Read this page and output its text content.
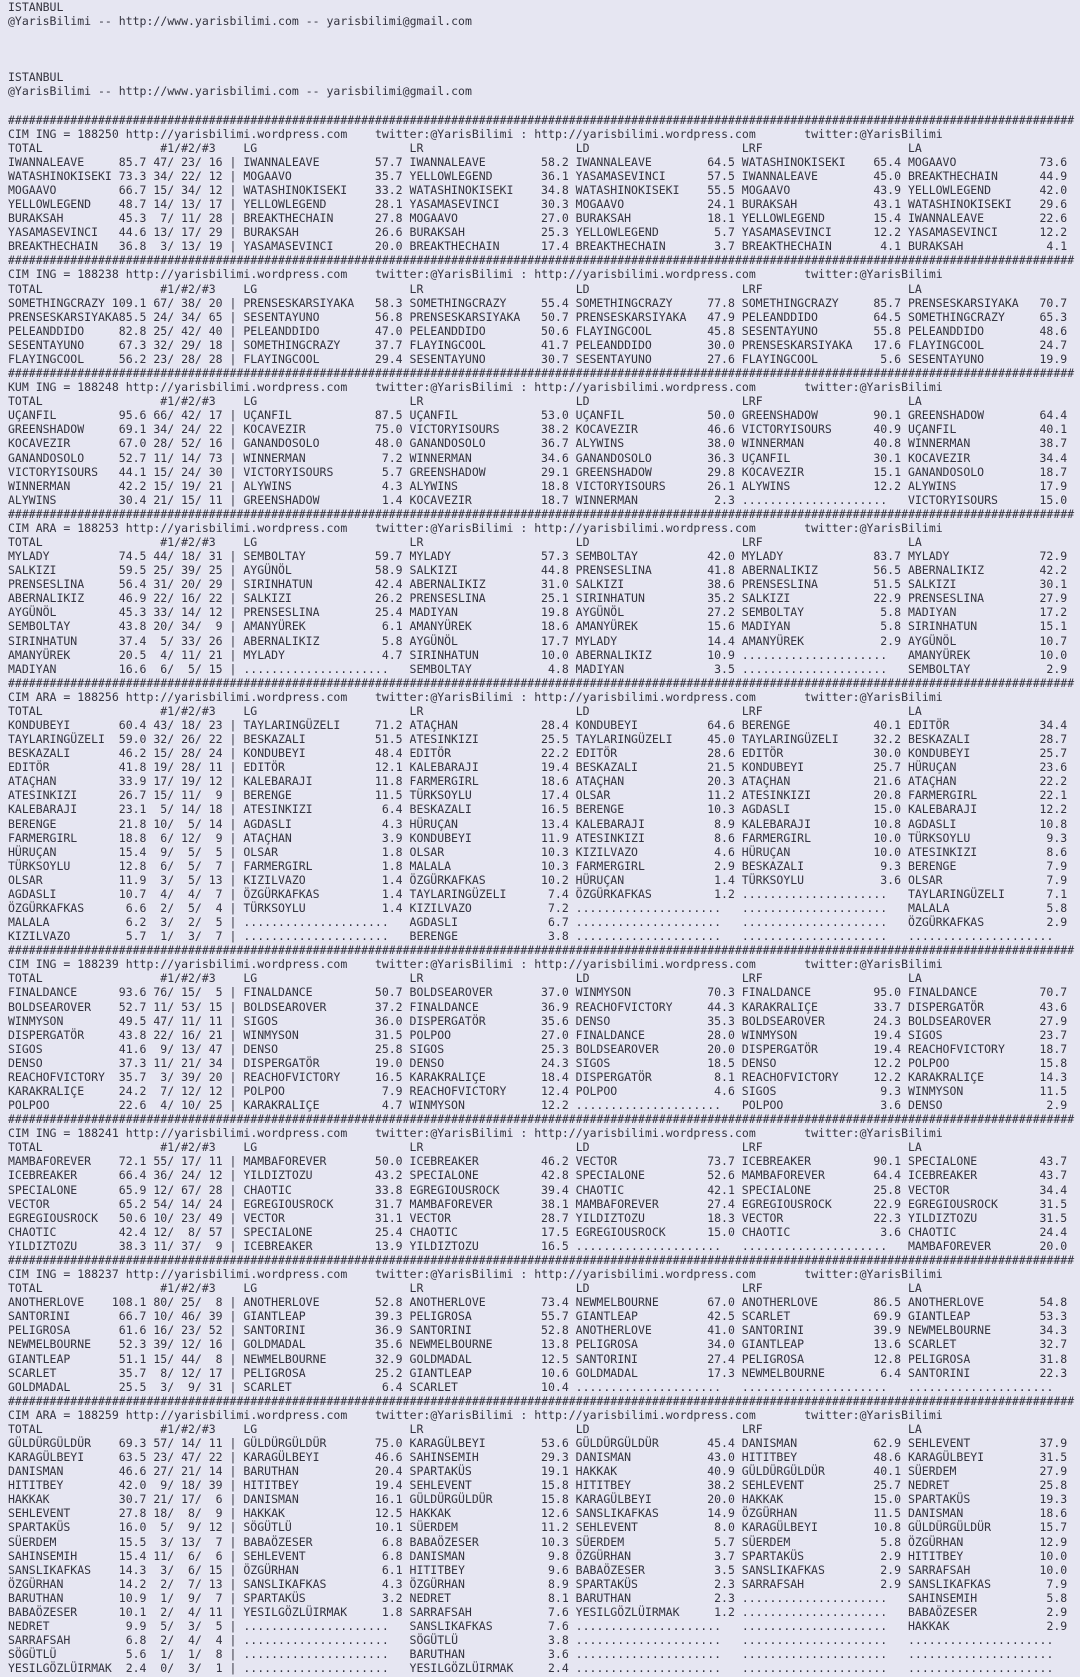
ISTANBUL
@YarisBilimi -- http://www.yarisbilimi.com -- yarisbilimi@gmail.com
ISTANBUL
@YarisBilimi -- http://www.yarisbilimi.com -- yarisbilimi@gmail.com
##########################################################################################################################################################
CIM ING = 188250 http://yarisbilimi.wordpress.com    twitter:@YarisBilimi : http://yarisbilimi.wordpress.com       twitter:@YarisBilimi
TOTAL	#1/#2/#3 LG	LR	LD	LRF	LA
IWANNALEAVE 85.7 47/ 23/ 16 | IWANNALEAVE	57.7 IWANNALEAVE	58.2 IWANNALEAVE	64.5 WATASHINOKISEKI 65.4 MOGAAVO	73.6
WATASHINOKISEKI 73.3 34/ 22/ 12 | MOGAAVO	35.7 YELLOWLEGEND	36.1 YASAMASEVINCI	57.5 IWANNALEAVE	45.0 BREAKTHECHAIN	44.9
MOGAAVO	66.7 15/ 34/ 12 | WATASHINOKISEKI 33.2 WATASHINOKISEKI 34.8 WATASHINOKISEKI 55.5 MOGAAVO	43.9 YELLOWLEGEND	42.0
YELLOWLEGEND 48.7 14/ 13/ 17 | YELLOWLEGEND	28.1 YASAMASEVINCI	30.3 MOGAAVO	24.1 BURAKSAH	43.1 WATASHINOKISEKI 29.6
BURAKSAH	45.3 7/ 11/ 28 | BREAKTHECHAIN	27.8 MOGAAVO	27.0 BURAKSAH	18.1 YELLOWLEGEND	15.4 IWANNALEAVE	22.6
YASAMASEVINCI 44.6 13/ 17/ 29 | BURAKSAH	26.6 BURAKSAH	25.3 YELLOWLEGEND	5.7 YASAMASEVINCI	12.2 YASAMASEVINCI	12.2
BREAKTHECHAIN 36.8 3/ 13/ 19 | YASAMASEVINCI	20.0 BREAKTHECHAIN	17.4 BREAKTHECHAIN	3.7 BREAKTHECHAIN	4.1 BURAKSAH	4.1
##########################################################################################################################################################
CIM ING = 188238 http://yarisbilimi.wordpress.com    twitter:@YarisBilimi : http://yarisbilimi.wordpress.com       twitter:@YarisBilimi
TOTAL	#1/#2/#3 LG	LR	LD	LRF	LA
SOMETHINGCRAZY 109.1 67/ 38/ 20 | PRENSESKARSIYAKA 58.3 SOMETHINGCRAZY 55.4 SOMETHINGCRAZY 77.8 SOMETHINGCRAZY 85.7 PRENSESKARSIYAKA 70.7
PRENSESKARSIYAKA 85.5 24/ 34/ 65 | SESENTAYUNO	56.8 PRENSESKARSIYAKA 50.7 PRENSESKARSIYAKA 47.9 PELEANDDIDO	64.5 SOMETHINGCRAZY 65.3
PELEANDDIDO 82.8 25/ 42/ 40 | PELEANDDIDO	47.0 PELEANDDIDO	50.6 FLAYINGCOOL	45.8 SESENTAYUNO	55.8 PELEANDDIDO	48.6
SESENTAYUNO 67.3 32/ 29/ 18 | SOMETHINGCRAZY 37.7 FLAYINGCOOL	41.7 PELEANDDIDO	30.0 PRENSESKARSIYAKA 17.6 FLAYINGCOOL	24.7
FLAYINGCOOL 56.2 23/ 28/ 28 | FLAYINGCOOL	29.4 SESENTAYUNO	30.7 SESENTAYUNO	27.6 FLAYINGCOOL	5.6 SESENTAYUNO	19.9
##########################################################################################################################################################
KUM ING = 188248 http://yarisbilimi.wordpress.com    twitter:@YarisBilimi : http://yarisbilimi.wordpress.com       twitter:@YarisBilimi
TOTAL	#1/#2/#3 LG	LR	LD	LRF	LA
UÇANFIL	95.6 66/ 42/ 17 | UÇANFIL	87.5 UÇANFIL	53.0 UÇANFIL	50.0 GREENSHADOW	90.1 GREENSHADOW	64.4
GREENSHADOW 69.1 34/ 24/ 22 | KOCAVEZIR	75.0 VICTORYISOURS	38.2 KOCAVEZIR	46.6 VICTORYISOURS	40.9 UÇANFIL	40.1
KOCAVEZIR	67.0 28/ 52/ 16 | GANANDOSOLO	48.0 GANANDOSOLO	36.7 ALYWINS	38.0 WINNERMAN	40.8 WINNERMAN	38.7
GANANDOSOLO 52.7 11/ 14/ 73 | WINNERMAN	7.2 WINNERMAN	34.6 GANANDOSOLO	36.3 UÇANFIL	30.1 KOCAVEZIR	34.4
VICTORYISOURS 44.1 15/ 24/ 30 | VICTORYISOURS	5.7 GREENSHADOW	29.1 GREENSHADOW	29.8 KOCAVEZIR	15.1 GANANDOSOLO	18.7
WINNERMAN	42.2 15/ 19/ 21 | ALYWINS	4.3 ALYWINS	18.8 VICTORYISOURS	26.1 ALYWINS	12.2 ALYWINS	17.9
ALYWINS	30.4 21/ 15/ 11 | GREENSHADOW	1.4 KOCAVEZIR	18.7 WINNERMAN	2.3 ..................... VICTORYISOURS	15.0
##########################################################################################################################################################
CIM ARA = 188253 http://yarisbilimi.wordpress.com    twitter:@YarisBilimi : http://yarisbilimi.wordpress.com       twitter:@YarisBilimi
TOTAL	#1/#2/#3 LG	LR	LD	LRF	LA
MYLADY	74.5 44/ 18/ 31 | SEMBOLTAY	59.7 MYLADY	57.3 SEMBOLTAY	42.0 MYLADY	83.7 MYLADY	72.9
SALKIZI	59.5 25/ 39/ 25 | AYGÜNÖL	58.9 SALKIZI	44.8 PRENSESLINA	41.8 ABERNALIKIZ	56.5 ABERNALIKIZ	42.2
PRENSESLINA 56.4 31/ 20/ 29 | SIRINHATUN	42.4 ABERNALIKIZ	31.0 SALKIZI	38.6 PRENSESLINA	51.5 SALKIZI	30.1
ABERNALIKIZ 46.9 22/ 16/ 22 | SALKIZI	26.2 PRENSESLINA	25.1 SIRINHATUN	35.2 SALKIZI	22.9 PRENSESLINA	27.9
AYGÜNÖL	45.3 33/ 14/ 12 | PRENSESLINA	25.4 MADIYAN	19.8 AYGÜNÖL	27.2 SEMBOLTAY	5.8 MADIYAN	17.2
SEMBOLTAY	43.8 20/ 34/  9 | AMANYÜREK	6.1 AMANYÜREK	18.6 AMANYÜREK	15.6 MADIYAN	5.8 SIRINHATUN	15.1
SIRINHATUN	37.4 5/ 33/ 26 | ABERNALIKIZ	5.8 AYGÜNÖL	17.7 MYLADY	14.4 AMANYÜREK	2.9 AYGÜNÖL	10.7
AMANYÜREK	20.5 4/ 11/ 21 | MYLADY	4.7 SIRINHATUN	10.0 ABERNALIKIZ	10.9 ..................... AMANYÜREK	10.0
MADIYAN	16.6 6/  5/ 15 | ..................... SEMBOLTAY	4.8 MADIYAN	3.5 ..................... SEMBOLTAY	2.9
##########################################################################################################################################################
CIM ARA = 188256 http://yarisbilimi.wordpress.com    twitter:@YarisBilimi : http://yarisbilimi.wordpress.com       twitter:@YarisBilimi
TOTAL	#1/#2/#3 LG	LR	LD	LRF	LA
KONDUBEYI	60.4 43/ 18/ 23 | TAYLARINGÜZELI 71.2 ATAÇHAN	28.4 KONDUBEYI	64.6 BERENGE	40.1 EDITÖR	34.4
TAYLARINGÜZELI 59.0 32/ 26/ 22 | BESKAZALI	51.5 ATESINKIZI	25.5 TAYLARINGÜZELI 45.0 TAYLARINGÜZELI 32.2 BESKAZALI	28.7
BESKAZALI	46.2 15/ 28/ 24 | KONDUBEYI	48.4 EDITÖR	22.2 EDITÖR	28.6 EDITÖR	30.0 KONDUBEYI	25.7
EDITÖR	41.8 19/ 28/ 11 | EDITÖR	12.1 KALEBARAJI	19.4 BESKAZALI	21.5 KONDUBEYI	25.7 HÜRUÇAN	23.6
ATAÇHAN	33.9 17/ 19/ 12 | KALEBARAJI	11.8 FARMERGIRL	18.6 ATAÇHAN	20.3 ATAÇHAN	21.6 ATAÇHAN	22.2
ATESINKIZI	26.7 15/ 11/  9 | BERENGE	11.5 TÜRKSOYLU	17.4 OLSAR	11.2 ATESINKIZI	20.8 FARMERGIRL	22.1
KALEBARAJI	23.1 5/ 14/ 18 | ATESINKIZI	6.4 BESKAZALI	16.5 BERENGE	10.3 AGDASLI	15.0 KALEBARAJI	12.2
BERENGE	21.8 10/  5/ 14 | AGDASLI	4.3 HÜRUÇAN	13.4 KALEBARAJI	8.9 KALEBARAJI	10.8 AGDASLI	10.8
FARMERGIRL	18.8 6/ 12/  9 | ATAÇHAN	3.9 KONDUBEYI	11.9 ATESINKIZI	8.6 FARMERGIRL	10.0 TÜRKSOYLU	9.3
HÜRUÇAN	15.4 9/  5/  5 | OLSAR	1.8 OLSAR	10.3 KIZILVAZO	4.6 HÜRUÇAN	10.0 ATESINKIZI	8.6
TÜRKSOYLU	12.8 6/  5/  7 | FARMERGIRL	1.8 MALALA	10.3 FARMERGIRL	2.9 BESKAZALI	9.3 BERENGE	7.9
OLSAR	11.9 3/  5/ 13 | KIZILVAZO	1.4 ÖZGÜRKAFKAS	10.2 HÜRUÇAN	1.4 TÜRKSOYLU	3.6 OLSAR	7.9
AGDASLI	10.7 4/  4/  7 | ÖZGÜRKAFKAS	1.4 TAYLARINGÜZELI  7.4 ÖZGÜRKAFKAS	1.2 ..................... TAYLARINGÜZELI  7.1
ÖZGÜRKAFKAS  6.6 2/  5/  4 | TÜRKSOYLU	1.4 KIZILVAZO	7.2 ..................... ..................... MALALA	5.8
MALALA	6.2 3/  2/  5 | ..................... AGDASLI	6.7 ..................... ..................... ÖZGÜRKAFKAS	2.9
KIZILVAZO	5.7 1/  3/  7 | ..................... BERENGE	3.8 ..................... ..................... .....................
##########################################################################################################################################################
CIM ING = 188239 http://yarisbilimi.wordpress.com    twitter:@YarisBilimi : http://yarisbilimi.wordpress.com       twitter:@YarisBilimi
TOTAL	#1/#2/#3 LG	LR	LD	LRF	LA
FINALDANCE	93.6 76/ 15/  5 | FINALDANCE	50.7 BOLDSEAROVER	37.0 WINMYSON	70.3 FINALDANCE	95.0 FINALDANCE	70.7
BOLDSEAROVER 52.7 11/ 53/ 15 | BOLDSEAROVER	37.2 FINALDANCE	36.9 REACHOFVICTORY 44.3 KARAKRALIÇE	33.7 DISPERGATÖR	43.6
WINMYSON	49.5 47/ 11/ 11 | SIGOS	36.0 DISPERGATÖR	35.6 DENSO	35.3 BOLDSEAROVER	24.3 BOLDSEAROVER	27.9
DISPERGATÖR 43.8 22/ 16/ 21 | WINMYSON	31.5 POLPOO	27.0 FINALDANCE	28.0 WINMYSON	19.4 SIGOS	23.7
SIGOS	41.6 9/ 13/ 47 | DENSO	25.8 SIGOS	25.3 BOLDSEAROVER	20.0 DISPERGATÖR	19.4 REACHOFVICTORY 18.7
DENSO	37.3 11/ 21/ 34 | DISPERGATÖR	19.0 DENSO	24.3 SIGOS	18.5 DENSO	12.2 POLPOO	15.8
REACHOFVICTORY 35.7 3/ 39/ 20 | REACHOFVICTORY 16.5 KARAKRALIÇE	18.4 DISPERGATÖR	8.1 REACHOFVICTORY 12.2 KARAKRALIÇE	14.3
KARAKRALIÇE 24.2 7/ 12/ 12 | POLPOO	7.9 REACHOFVICTORY 12.4 POLPOO	4.6 SIGOS	9.3 WINMYSON	11.5
POLPOO	22.6 4/ 10/ 25 | KARAKRALIÇE	4.7 WINMYSON	12.2 ..................... POLPOO	3.6 DENSO	2.9
##########################################################################################################################################################
CIM ING = 188241 http://yarisbilimi.wordpress.com    twitter:@YarisBilimi : http://yarisbilimi.wordpress.com       twitter:@YarisBilimi
TOTAL	#1/#2/#3 LG	LR	LD	LRF	LA
MAMBAFOREVER 72.1 55/ 17/ 11 | MAMBAFOREVER	50.0 ICEBREAKER	46.2 VECTOR	73.7 ICEBREAKER	90.1 SPECIALONE	43.7
ICEBREAKER	66.4 36/ 24/ 12 | YILDIZTOZU	43.2 SPECIALONE	42.8 SPECIALONE	52.6 MAMBAFOREVER	64.4 ICEBREAKER	43.7
SPECIALONE	65.9 12/ 67/ 28 | CHAOTIC	33.8 EGREGIOUSROCK	39.4 CHAOTIC	42.1 SPECIALONE	25.8 VECTOR	34.4
VECTOR	65.2 54/ 14/ 24 | EGREGIOUSROCK	31.7 MAMBAFOREVER	38.1 MAMBAFOREVER	27.4 EGREGIOUSROCK	22.9 EGREGIOUSROCK	31.5
EGREGIOUSROCK 50.6 10/ 23/ 49 | VECTOR	31.1 VECTOR	28.7 YILDIZTOZU	18.3 VECTOR	22.3 YILDIZTOZU	31.5
CHAOTIC	42.4 12/  8/ 57 | SPECIALONE	25.4 CHAOTIC	17.5 EGREGIOUSROCK	15.0 CHAOTIC	3.6 CHAOTIC	24.4
YILDIZTOZU	38.3 11/ 37/  9 | ICEBREAKER	13.9 YILDIZTOZU	16.5 ..................... ..................... MAMBAFOREVER	20.0
##########################################################################################################################################################
CIM ING = 188237 http://yarisbilimi.wordpress.com    twitter:@YarisBilimi : http://yarisbilimi.wordpress.com       twitter:@YarisBilimi
TOTAL	#1/#2/#3 LG	LR	LD	LRF	LA
ANOTHERLOVE 108.1 80/ 25/  8 | ANOTHERLOVE	52.8 ANOTHERLOVE	73.4 NEWMELBOURNE	67.0 ANOTHERLOVE	86.5 ANOTHERLOVE	54.8
SANTORINI	66.7 10/ 46/ 39 | GIANTLEAP	39.3 PELIGROSA	55.7 GIANTLEAP	42.5 SCARLET	69.9 GIANTLEAP	53.3
PELIGROSA	61.6 16/ 23/ 52 | SANTORINI	36.9 SANTORINI	52.8 ANOTHERLOVE	41.0 SANTORINI	39.9 NEWMELBOURNE	34.3
NEWMELBOURNE 52.3 39/ 12/ 16 | GOLDMADAL	35.6 NEWMELBOURNE	13.8 PELIGROSA	34.0 GIANTLEAP	13.6 SCARLET	32.7
GIANTLEAP	51.1 15/ 44/  8 | NEWMELBOURNE	32.9 GOLDMADAL	12.5 SANTORINI	27.4 PELIGROSA	12.8 PELIGROSA	31.8
SCARLET	35.7 8/ 12/ 17 | PELIGROSA	25.2 GIANTLEAP	10.6 GOLDMADAL	17.3 NEWMELBOURNE	6.4 SANTORINI	22.3
GOLDMADAL	25.5 3/  9/ 31 | SCARLET	6.4 SCARLET	10.4 ..................... ..................... .....................
##########################################################################################################################################################
CIM ARA = 188259 http://yarisbilimi.wordpress.com    twitter:@YarisBilimi : http://yarisbilimi.wordpress.com       twitter:@YarisBilimi
TOTAL	#1/#2/#3 LG	LR	LD	LRF	LA
GÜLDÜRGÜLDÜR 69.3 57/ 14/ 11 | GÜLDÜRGÜLDÜR	75.0 KARAGÜLBEYI	53.6 GÜLDÜRGÜLDÜR	45.4 DANISMAN	62.9 SEHLEVENT	37.9
KARAGÜLBEYI 63.5 23/ 47/ 22 | KARAGÜLBEYI	46.6 SAHINSEMIH	29.3 DANISMAN	43.0 HITITBEY	48.6 KARAGÜLBEYI	31.5
DANISMAN	46.6 27/ 21/ 14 | BARUTHAN	20.4 SPARTAKÜS	19.1 HAKKAK	40.9 GÜLDÜRGÜLDÜR	40.1 SÜERDEM	27.9
HITITBEY	42.0 9/ 18/ 39 | HITITBEY	19.4 SEHLEVENT	15.8 HITITBEY	38.2 SEHLEVENT	25.7 NEDRET	25.8
HAKKAK	30.7 21/ 17/  6 | DANISMAN	16.1 GÜLDÜRGÜLDÜR	15.8 KARAGÜLBEYI	20.0 HAKKAK	15.0 SPARTAKÜS	19.3
SEHLEVENT	27.8 18/  8/  9 | HAKKAK	12.5 HAKKAK	12.6 SANSLIKAFKAS	14.9 ÖZGÜRHAN	11.5 DANISMAN	18.6
SPARTAKÜS	16.0 5/  9/ 12 | SÖGÜTLÜ	10.1 SÜERDEM	11.2 SEHLEVENT	8.0 KARAGÜLBEYI	10.8 GÜLDÜRGÜLDÜR	15.7
SÜERDEM	15.5 3/ 13/  7 | BABAÖZESER	6.8 BABAÖZESER	10.3 SÜERDEM	5.7 SÜERDEM	5.8 ÖZGÜRHAN	12.9
SAHINSEMIH	15.4 11/  6/  6 | SEHLEVENT	6.8 DANISMAN	9.8 ÖZGÜRHAN	3.7 SPARTAKÜS	2.9 HITITBEY	10.0
SANSLIKAFKAS 14.3 3/  6/ 15 | ÖZGÜRHAN	6.1 HITITBEY	9.6 BABAÖZESER	3.5 SANSLIKAFKAS	2.9 SARRAFSAH	10.0
ÖZGÜRHAN	14.2 2/  7/ 13 | SANSLIKAFKAS	4.3 ÖZGÜRHAN	8.9 SPARTAKÜS	2.3 SARRAFSAH	2.9 SANSLIKAFKAS	7.9
BARUTHAN	10.9 1/  9/  7 | SPARTAKÜS	3.2 NEDRET	8.1 BARUTHAN	2.3 ..................... SAHINSEMIH	5.8
BABAÖZESER	10.1 2/  4/ 11 | YESILGÖZLÜIRMAK  1.8 SARRAFSAH	7.6 YESILGÖZLÜIRMAK  1.2 ..................... BABAÖZESER	2.9
NEDRET	9.9 5/  3/  5 | ..................... SANSLIKAFKAS	7.6 ..................... ..................... HAKKAK	2.9
SARRAFSAH	6.8 2/  4/  4 | ..................... SÖGÜTLÜ	3.8 ..................... ..................... .....................
SÖGÜTLÜ	5.6 1/  1/  8 | ..................... BARUTHAN	3.6 ..................... ..................... .....................
YESILGÖZLÜIRMAK  2.4 0/  3/  1 | ..................... YESILGÖZLÜIRMAK  2.4 ..................... ..................... .....................
